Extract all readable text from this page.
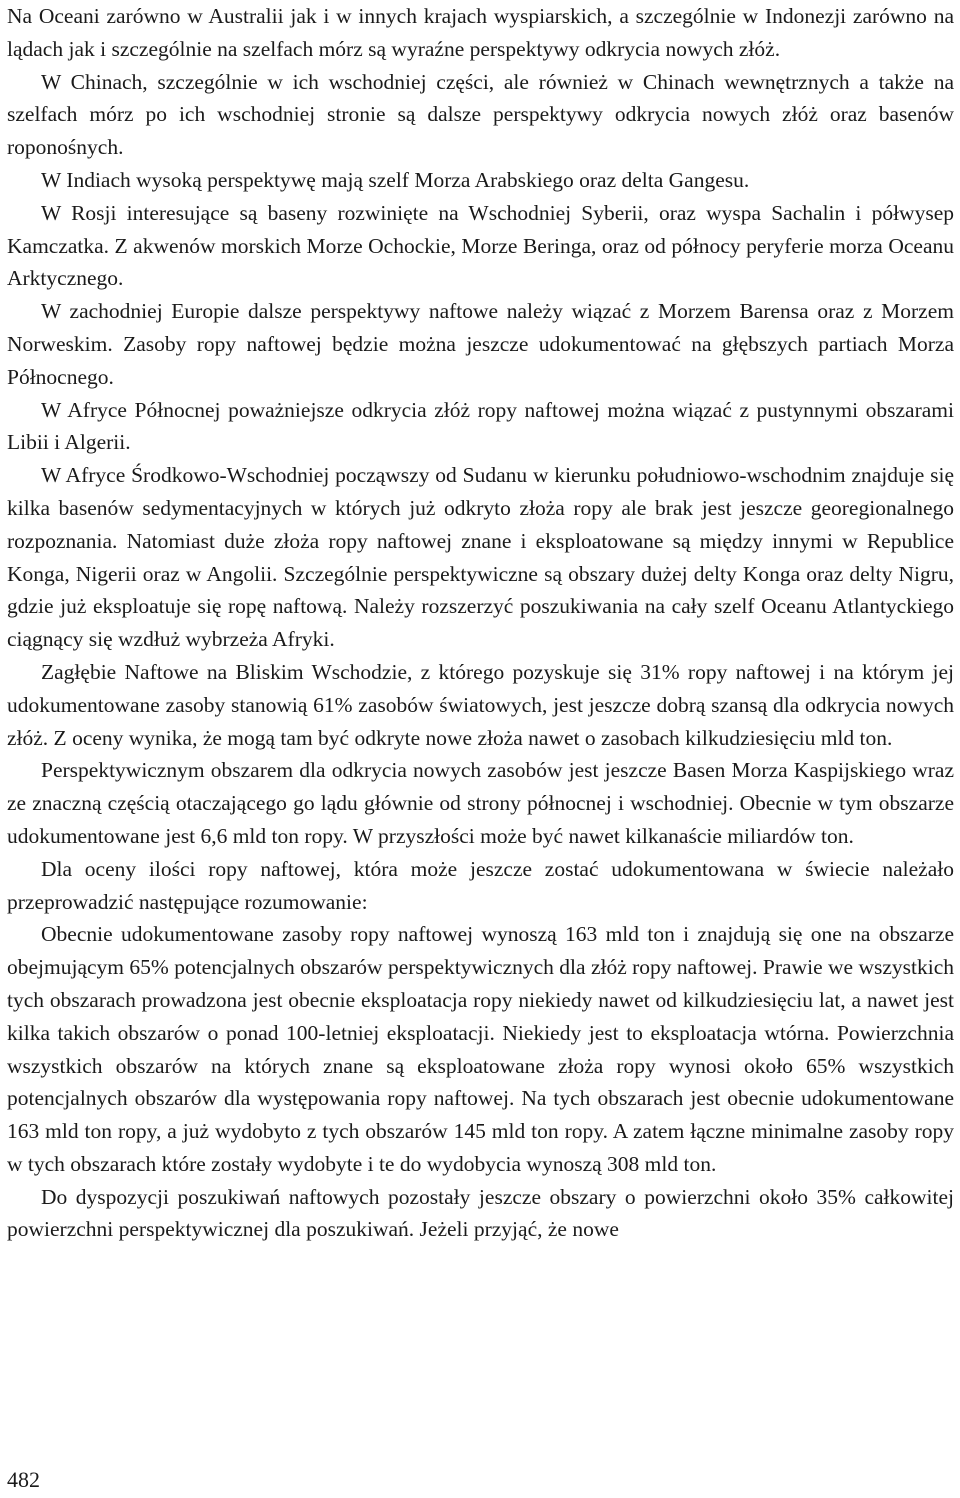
Na Oceani zarówno w Australii jak i w innych krajach wyspiarskich, a szczególnie w Indonezji zarówno na lądach jak i szczególnie na szelfach mórz są wyraźne perspektywy odkrycia nowych złóż.

W Chinach, szczególnie w ich wschodniej części, ale również w Chinach wewnętrznych a także na szelfach mórz po ich wschodniej stronie są dalsze perspektywy odkrycia nowych złóż oraz basenów roponośnych.

W Indiach wysoką perspektywę mają szelf Morza Arabskiego oraz delta Gangesu.

W Rosji interesujące są baseny rozwinięte na Wschodniej Syberii, oraz wyspa Sachalin i półwysep Kamczatka. Z akwenów morskich Morze Ochockie, Morze Beringa, oraz od północy peryferie morza Oceanu Arktycznego.

W zachodniej Europie dalsze perspektywy naftowe należy wiązać z Morzem Barensa oraz z Morzem Norweskim. Zasoby ropy naftowej będzie można jeszcze udokumentować na głębszych partiach Morza Północnego.

W Afryce Północnej poważniejsze odkrycia złóż ropy naftowej można wiązać z pustynnymi obszarami Libii i Algerii.

W Afryce Środkowo-Wschodniej począwszy od Sudanu w kierunku południowo-wschodnim znajduje się kilka basenów sedymentacyjnych w których już odkryto złoża ropy ale brak jest jeszcze georegionalnego rozpoznania. Natomiast duże złoża ropy naftowej znane i eksploatowane są między innymi w Republice Konga, Nigerii oraz w Angolii. Szczególnie perspektywiczne są obszary dużej delty Konga oraz delty Nigru, gdzie już eksploatuje się ropę naftową. Należy rozszerzyć poszukiwania na cały szelf Oceanu Atlantyckiego ciągnący się wzdłuż wybrzeża Afryki.

Zagłębie Naftowe na Bliskim Wschodzie, z którego pozyskuje się 31% ropy naftowej i na którym jej udokumentowane zasoby stanowią 61% zasobów światowych, jest jeszcze dobrą szansą dla odkrycia nowych złóż. Z oceny wynika, że mogą tam być odkryte nowe złoża nawet o zasobach kilkudziesięciu mld ton.

Perspektywicznym obszarem dla odkrycia nowych zasobów jest jeszcze Basen Morza Kaspijskiego wraz ze znaczną częścią otaczającego go lądu głównie od strony północnej i wschodniej. Obecnie w tym obszarze udokumentowane jest 6,6 mld ton ropy. W przyszłości może być nawet kilkanaście miliardów ton.

Dla oceny ilości ropy naftowej, która może jeszcze zostać udokumentowana w świecie należało przeprowadzić następujące rozumowanie:

Obecnie udokumentowane zasoby ropy naftowej wynoszą 163 mld ton i znajdują się one na obszarze obejmującym 65% potencjalnych obszarów perspektywicznych dla złóż ropy naftowej. Prawie we wszystkich tych obszarach prowadzona jest obecnie eksploatacja ropy niekiedy nawet od kilkudziesięciu lat, a nawet jest kilka takich obszarów o ponad 100-letniej eksploatacji. Niekiedy jest to eksploatacja wtórna. Powierzchnia wszystkich obszarów na których znane są eksploatowane złoża ropy wynosi około 65% wszystkich potencjalnych obszarów dla występowania ropy naftowej. Na tych obszarach jest obecnie udokumentowane 163 mld ton ropy, a już wydobyto z tych obszarów 145 mld ton ropy. A zatem łączne minimalne zasoby ropy w tych obszarach które zostały wydobyte i te do wydobycia wynoszą 308 mld ton.

Do dyspozycji poszukiwań naftowych pozostały jeszcze obszary o powierzchni około 35% całkowitej powierzchni perspektywicznej dla poszukiwań. Jeżeli przyjąć, że nowe

482
